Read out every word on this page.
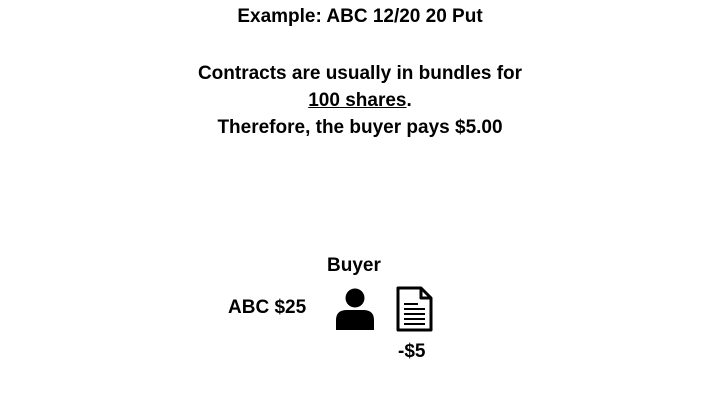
Example: ABC 12/20 20 Put
Contracts are usually in bundles for
100 shares.
Therefore, the buyer pays $5.00
Buyer
ABC $25
-$5
